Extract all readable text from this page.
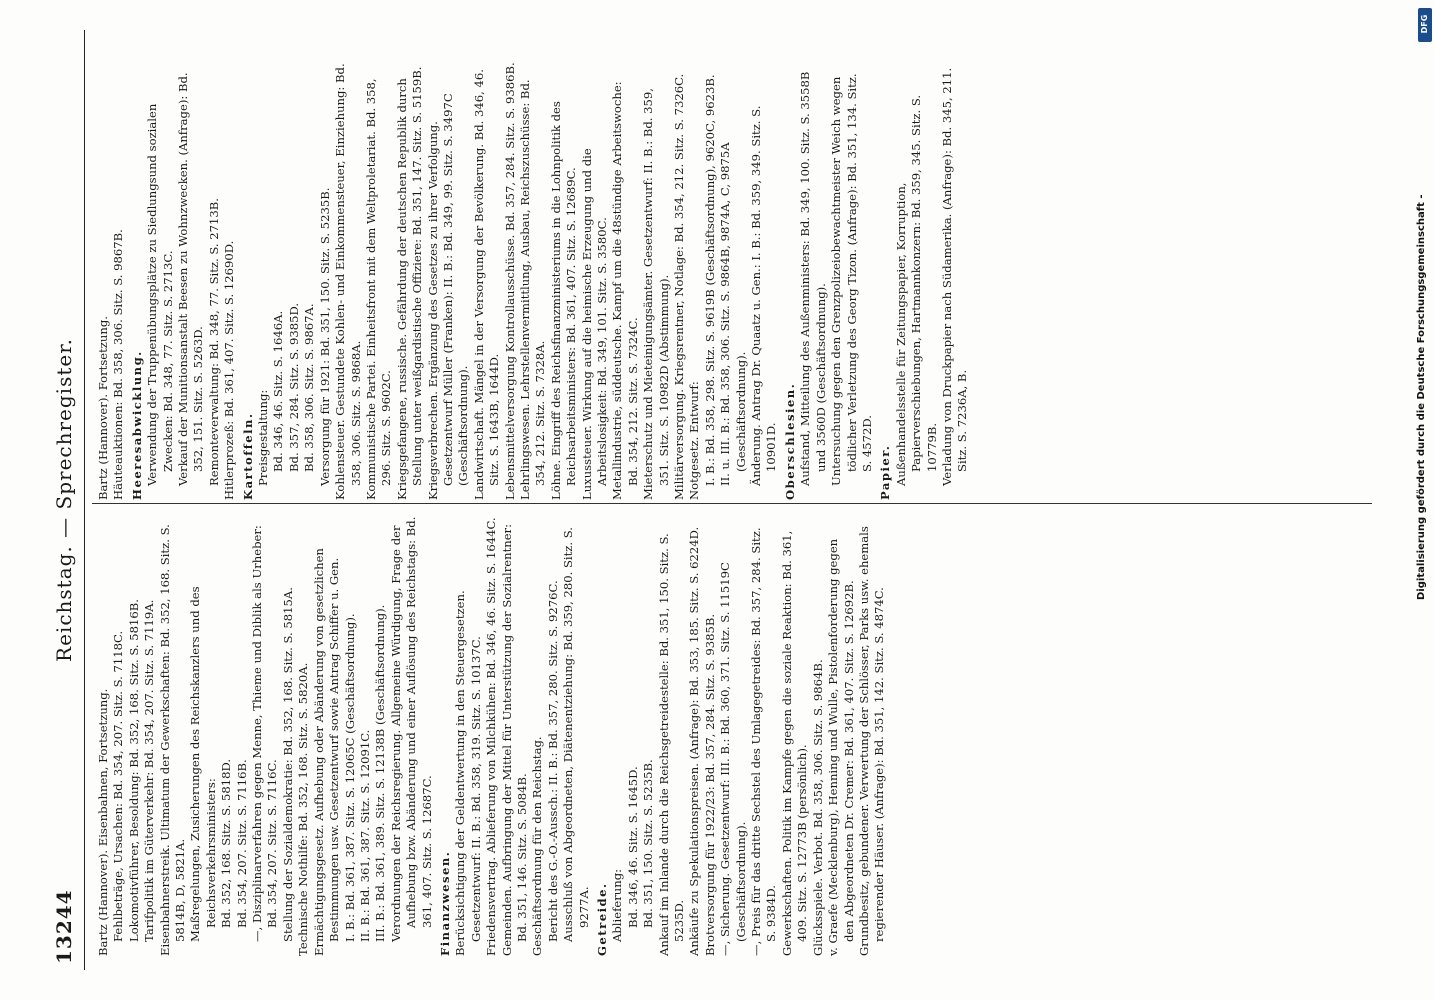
13244
Reichstag. — Sprechregister.

Bartz (Hannover). Eisenbahnen, Fortsetzung. Fehlbeträge, Ursachen: Bd. 354, 207. Sitz. S. 7118C. Lokomotivführer, Besoldung: Bd. 352, 168. Sitz. S. 5816B. Tarifpolitik im Güterverkehr: Bd. 354, 207. Sitz. S. 7119A. Eisenbahnerstreik. Ultimatum der Gewerkschaften: Bd. 352, 168. Sitz. S. 5814B, D, 5821A. Maßregelungen, Zusicherungen des Reichskanzlers und des Reichsverkehrsministers: Bd. 352, 168. Sitz. S. 5818D. Bd. 354, 207. Sitz. S. 7116B. —, Disziplinarverfahren gegen Menne, Thieme und Diblik als Urheber: Bd. 354, 207. Sitz. S. 7116C. Stellung der Sozialdemokratie: Bd. 352, 168. Sitz. S. 5815A. Technische Nothilfe: Bd. 352, 168. Sitz. S. 5820A. Ermächtigungsgesetz. Aufhebung oder Abänderung von gesetzlichen Bestimmungen usw. Gesetzentwurf sowie Antrag Schiffer u. Gen. I. B.: Bd. 361, 387. Sitz. S. 12065C (Geschäftsordnung). II. B.: Bd. 361, 387. Sitz. S. 12091C. III. B.: Bd. 361, 389. Sitz. S. 12138B (Geschäftsordnung). Verordnungen der Reichsregierung. Allgemeine Würdigung, Frage der Aufhebung bzw. Abänderung und einer Auflösung des Reichstags: Bd. 361, 407. Sitz. S. 12687C. Finanzwesen. Berücksichtigung der Geldentwertung in den Steuergesetzen. Gesetzentwurf: II. B.: Bd. 358, 319. Sitz. S. 10137C. Friedensvertrag. Ablieferung von Milchkühen: Bd. 346, 46. Sitz. S. 1644C. Gemeinden. Aufbringung der Mittel für Unterstützung der Sozialrentner: Bd. 351, 146. Sitz. S. 5084B. Geschäftsordnung für den Reichstag. Bericht des G.-O.-Aussch.: II. B.: Bd. 357, 280. Sitz. S. 9276C. Ausschluß von Abgeordneten, Diätenentziehung: Bd. 359, 280. Sitz. S. 9277A. Getreide. Ablieferung: Bd. 346, 46. Sitz. S. 1645D. Bd. 351, 150. Sitz. S. 5235B. Ankauf im Inlande durch die Reichsgetreidestelle: Bd. 351, 150. Sitz. S. 5235D. Ankäufe zu Spekulationspreisen. (Anfrage): Bd. 353, 185. Sitz. S. 6224D. Brotversorgung für 1922/23: Bd. 357, 284. Sitz. S. 9385B. —, Sicherung. Gesetzentwurf: III. B.: Bd. 360, 371. Sitz. S. 11519C (Geschäftsordnung). —, Preis für das dritte Sechstel des Umlagegetreides: Bd. 357, 284. Sitz. S. 9384D. Gewerkschaften. Politik im Kampfe gegen die soziale Reaktion: Bd. 361, 409. Sitz. S. 12773B (persönlich). Glücksspiele. Verbot. Bd. 358, 306. Sitz. S. 9864B. v. Graefe (Mecklenburg), Henning und Wulle, Pistolenforderung gegen den Abgeordneten Dr. Cremer: Bd. 361, 407. Sitz. S. 12692B. Grundbesitz, gebundener. Verwertung der Schlösser, Parks usw. ehemals regierender Häuser. (Anfrage): Bd. 351, 142. Sitz. S. 4874C.

Bartz (Hannover). Fortsetzung. Häuteauktionen: Bd. 358, 306. Sitz. S. 9867B. Heeresabwicklung. Verwendung der Truppenübungsplätze zu Siedlungsund sozialen Zwecken: Bd. 348, 77. Sitz. S. 2713C. Verkauf der Munitionsanstalt Beesen zu Wohnzwecken. (Anfrage): Bd. 352, 151. Sitz. S. 5263D. Remonteverwaltung: Bd. 348, 77. Sitz. S. 2713B. Hitlerprozeß: Bd. 361, 407. Sitz. S. 12690D. Kartoffeln. Preisgestaltung: Bd. 346, 46. Sitz. S. 1646A. Bd. 357, 284. Sitz. S. 9385D. Bd. 358, 306. Sitz. S. 9867A. Versorgung für 1921: Bd. 351, 150. Sitz. S. 5235B. Kohlensteuer. Gestundete Kohlen- und Einkommensteuer, Einziehung: Bd. 358, 306. Sitz. S. 9868A. Kommunistische Partei. Einheitsfront mit dem Weltproletariat. Bd. 358, 296. Sitz. S. 9602C. Kriegsgefangene, russische. Gefährdung der deutschen Republik durch Stellung unter weißgardistische Offiziere: Bd. 351, 147. Sitz. S. 5159B. Kriegsverbrechen. Ergänzung des Gesetzes zu ihrer Verfolgung. Gesetzentwurf Müller (Franken): II. B.: Bd. 349, 99. Sitz. S. 3497C (Geschäftsordnung). Landwirtschaft. Mängel in der Versorgung der Bevölkerung. Bd. 346, 46. Sitz. S. 1643B, 1644D. Lebensmittelversorgung Kontrollausschüsse. Bd. 357, 284. Sitz. S. 9386B. Lehrlingswesen. Lehrstellenvermittlung, Ausbau, Reichszuschüsse: Bd. 354, 212. Sitz. S. 7328A. Löhne. Eingriff des Reichsfinanzministeriums in die Lohnpolitik des Reichsarbeitsministers: Bd. 361, 407. Sitz. S. 12689C. Luxussteuer. Wirkung auf die heimische Erzeugung und die Arbeitslosigkeit: Bd. 349, 101. Sitz. S. 3580C. Metallindustrie, süddeutsche. Kampf um die 48stündige Arbeitswoche: Bd. 354, 212. Sitz. S. 7324C. Mieterschutz und Mieteinigungsämter. Gesetzentwurf: II. B.: Bd. 359, 351. Sitz. S. 10982D (Abstimmung). Militärversorgung. Kriegsrentner, Notlage: Bd. 354, 212. Sitz. S. 7326C. Notgesetz. Entwurf: I. B.: Bd. 358, 298. Sitz. S. 9619B (Geschäftsordnung), 9620C, 9623B. II. u. III. B.: Bd. 358, 306. Sitz. S. 9864B, 9874A, C, 9875A (Geschäftsordnung). Änderung. Antrag Dr. Quaatz u. Gen.: I. B.: Bd. 359, 349. Sitz. S. 10901D. Oberschlesien. Aufstand, Mitteilung des Außenministers: Bd. 349, 100. Sitz. S. 3558B und 3560D (Geschäftsordnung). Untersuchung gegen den Grenzpolizeiobewachtmeister Weich wegen tödlicher Verletzung des Georg Tizon. (Anfrage): Bd. 351, 134. Sitz. S. 4572D.

Papier. Außenhandelsstelle für Zeitungspapier, Korruption, Papierverschiebungen, Hartmannkonzern: Bd. 359, 345. Sitz. S. 10779B. Verladung von Druckpapier nach Südamerika. (Anfrage): Bd. 345, 211. Sitz. S. 7236A, B.

DFG
Digitalisierung gefördert durch die Deutsche Forschungsgemeinschaft -
